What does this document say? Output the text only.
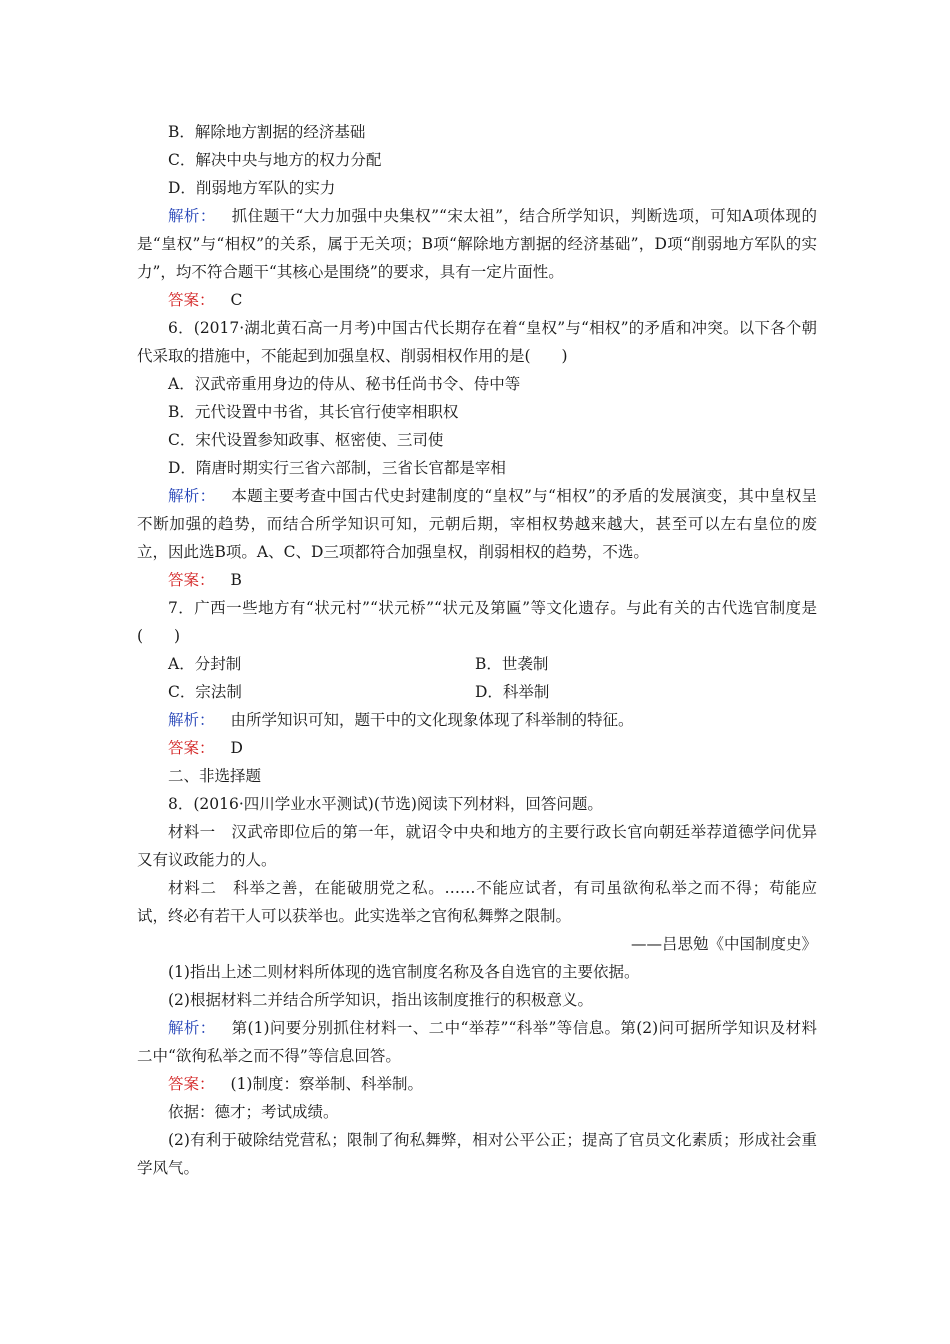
B．解除地方割据的经济基础
C．解决中央与地方的权力分配
D．削弱地方军队的实力
解析： 抓住题干“大力加强中央集权”“宋太祖”，结合所学知识，判断选项，可知A项体现的是“皇权”与“相权”的关系，属于无关项；B项“解除地方割据的经济基础”，D项“削弱地方军队的实力”，均不符合题干“其核心是围绕”的要求，具有一定片面性。
答案： C
6．(2017·湖北黄石高一月考)中国古代长期存在着“皇权”与“相权”的矛盾和冲突。以下各个朝代采取的措施中，不能起到加强皇权、削弱相权作用的是(　　)
A．汉武帝重用身边的侍从、秘书任尚书令、侍中等
B．元代设置中书省，其长官行使宰相职权
C．宋代设置参知政事、枢密使、三司使
D．隋唐时期实行三省六部制，三省长官都是宰相
解析： 本题主要考查中国古代史封建制度的“皇权”与“相权”的矛盾的发展演变，其中皇权呈不断加强的趋势，而结合所学知识可知，元朝后期，宰相权势越来越大，甚至可以左右皇位的废立，因此选B项。A、C、D三项都符合加强皇权，削弱相权的趋势，不选。
答案： B
7．广西一些地方有“状元村”“状元桥”“状元及第匾”等文化遗存。与此有关的古代选官制度是(　　)
A．分封制	B．世袭制
C．宗法制	D．科举制
解析： 由所学知识可知，题干中的文化现象体现了科举制的特征。
答案： D
二、非选择题
8．(2016·四川学业水平测试)(节选)阅读下列材料，回答问题。
材料一　 汉武帝即位后的第一年，就诏令中央和地方的主要行政长官向朝廷举荐道德学问优异又有议政能力的人。
材料二　 科举之善，在能破朋党之私。……不能应试者，有司虽欲徇私举之而不得；苟能应试，终必有若干人可以获举也。此实选举之官徇私舞弊之限制。
——吕思勉《中国制度史》
(1)指出上述二则材料所体现的选官制度名称及各自选官的主要依据。
(2)根据材料二并结合所学知识，指出该制度推行的积极意义。
解析： 第(1)问要分别抓住材料一、二中“举荐”“科举”等信息。第(2)问可据所学知识及材料二中“欲徇私举之而不得”等信息回答。
答案： (1)制度：察举制、科举制。
依据：德才；考试成绩。
(2)有利于破除结党营私；限制了徇私舞弊，相对公平公正；提高了官员文化素质；形成社会重学风气。
